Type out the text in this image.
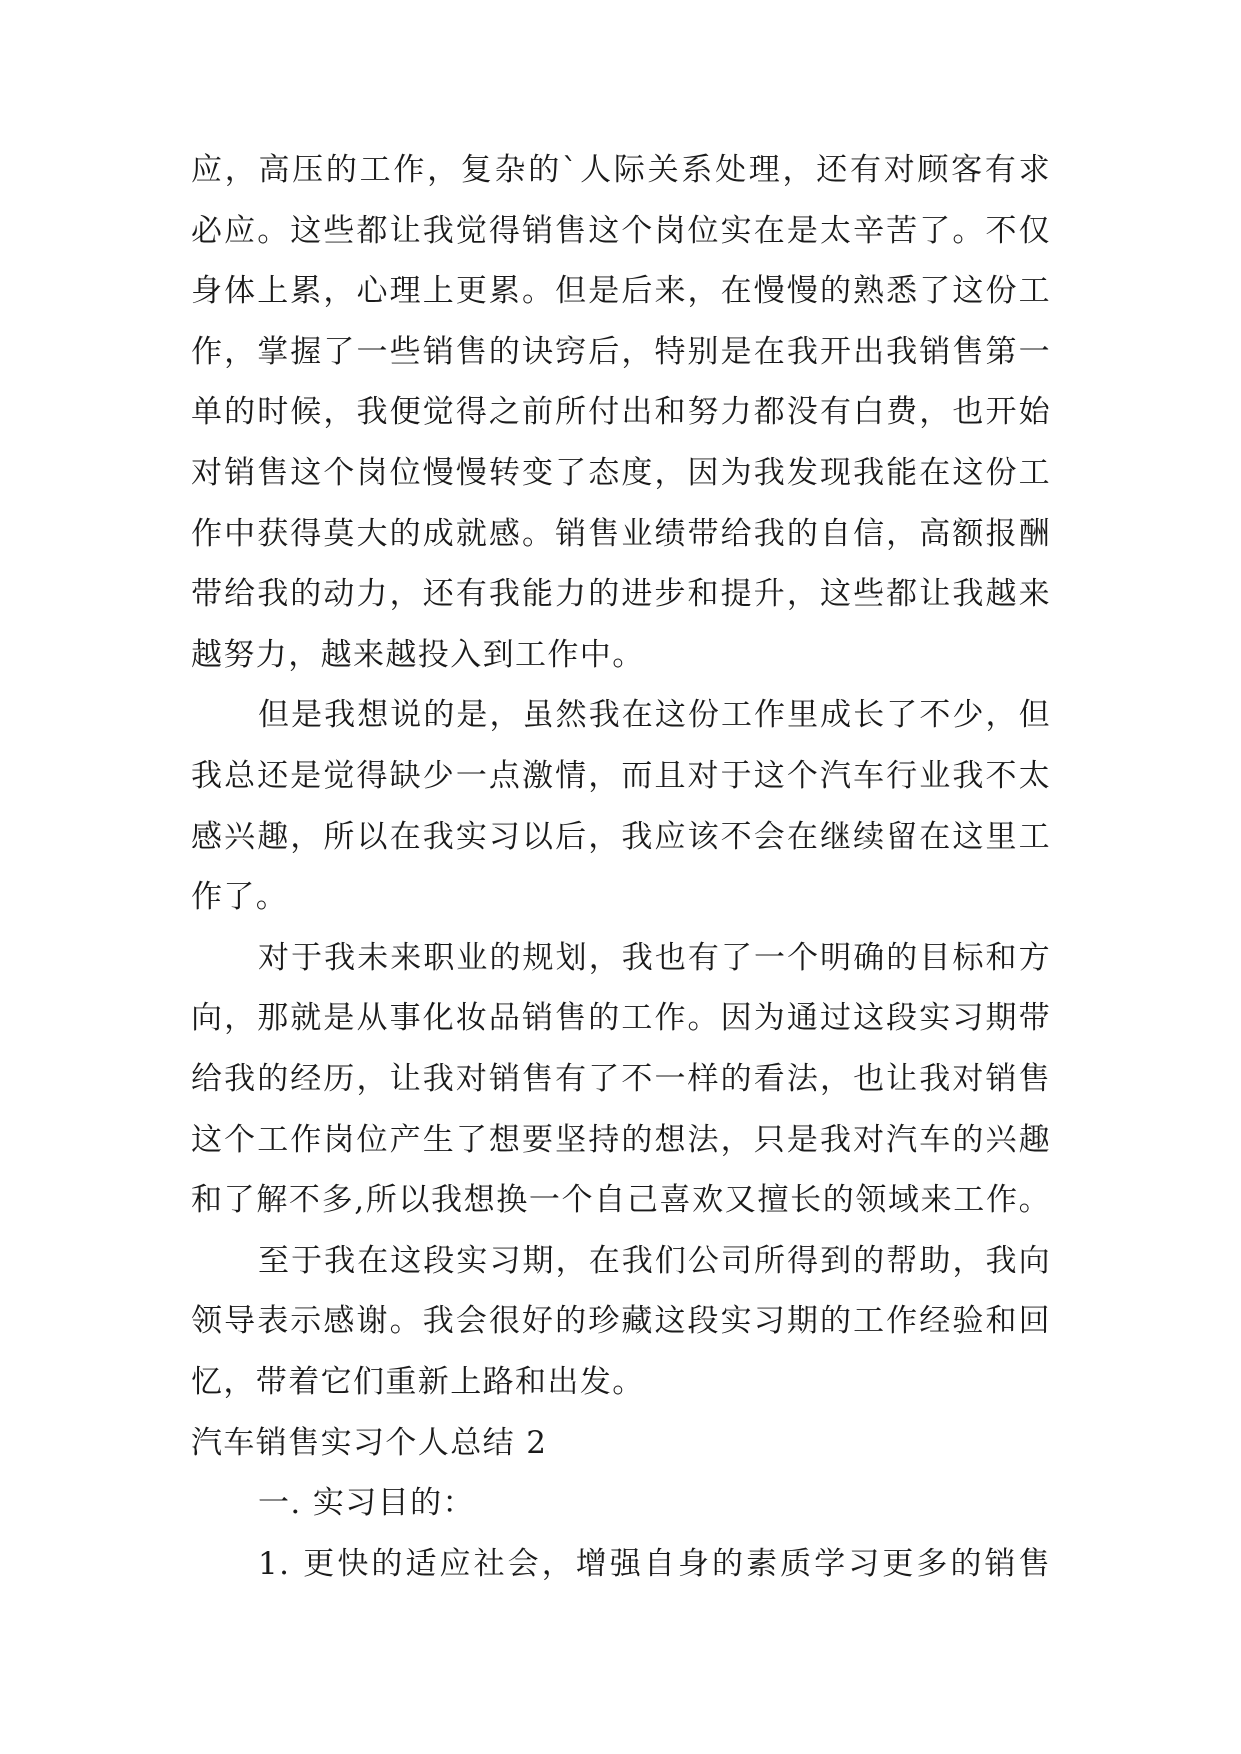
应，高压的工作，复杂的`人际关系处理，还有对顾客有求
必应。这些都让我觉得销售这个岗位实在是太辛苦了。不仅
身体上累，心理上更累。但是后来，在慢慢的熟悉了这份工
作，掌握了一些销售的诀窍后，特别是在我开出我销售第一
单的时候，我便觉得之前所付出和努力都没有白费，也开始
对销售这个岗位慢慢转变了态度，因为我发现我能在这份工
作中获得莫大的成就感。销售业绩带给我的自信，高额报酬
带给我的动力，还有我能力的进步和提升，这些都让我越来
越努力，越来越投入到工作中。
但是我想说的是，虽然我在这份工作里成长了不少，但
我总还是觉得缺少一点激情，而且对于这个汽车行业我不太
感兴趣，所以在我实习以后，我应该不会在继续留在这里工
作了。
对于我未来职业的规划，我也有了一个明确的目标和方
向，那就是从事化妆品销售的工作。因为通过这段实习期带
给我的经历，让我对销售有了不一样的看法，也让我对销售
这个工作岗位产生了想要坚持的想法，只是我对汽车的兴趣
和了解不多,所以我想换一个自己喜欢又擅长的领域来工作。
至于我在这段实习期，在我们公司所得到的帮助，我向
领导表示感谢。我会很好的珍藏这段实习期的工作经验和回
忆，带着它们重新上路和出发。
汽车销售实习个人总结 2
一. 实习目的：
1. 更快的适应社会，增强自身的素质学习更多的销售
